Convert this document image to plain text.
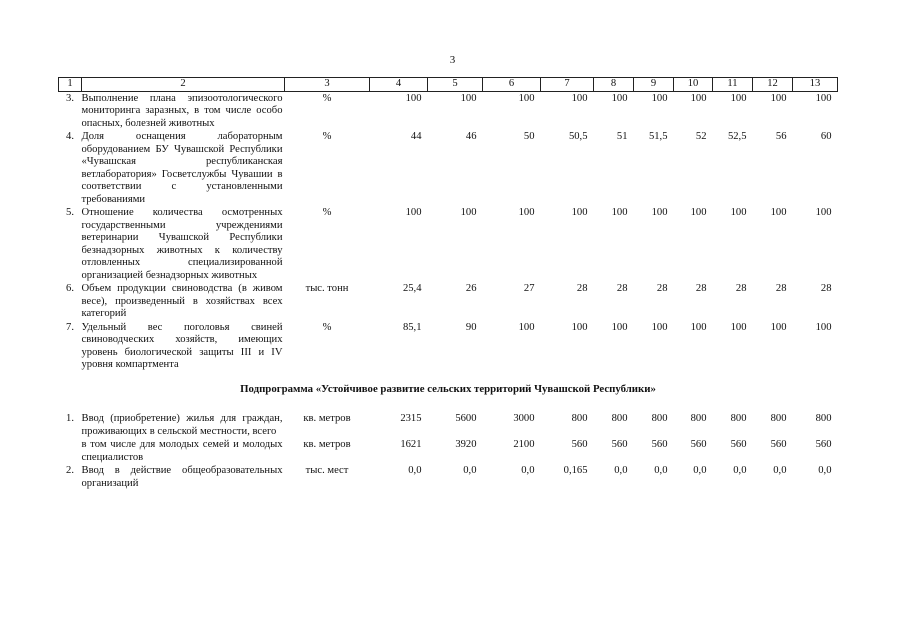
3
1	2	3	4	5	6	7	8	9	10	11	12	13
3.	Выполнение плана эпизоотологического мониторинга заразных, в том числе особо опасных, болезней животных	%	100	100	100	100	100	100	100	100	100	100
4.	Доля оснащения лабораторным оборудованием БУ Чувашской Республики «Чувашская республиканская ветлаборатория» Госветслужбы Чувашии в соответствии с установленными требованиями	%	44	46	50	50,5	51	51,5	52	52,5	56	60
5.	Отношение количества осмотренных государственными учреждениями ветеринарии Чувашской Республики безнадзорных животных к количеству отловленных специализированной организацией безнадзорных животных	%	100	100	100	100	100	100	100	100	100	100
6.	Объем продукции свиноводства (в живом весе), произведенный в хозяйствах всех категорий	тыс. тонн	25,4	26	27	28	28	28	28	28	28	28
7.	Удельный вес поголовья свиней свиноводческих хозяйств, имеющих уровень биологической защиты III и IV уровня компартмента	%	85,1	90	100	100	100	100	100	100	100	100
Подпрограмма «Устойчивое развитие сельских территорий Чувашской Республики»												
1.	Ввод (приобретение) жилья для граждан, проживающих в сельской местности, всего	кв. метров	2315	5600	3000	800	800	800	800	800	800	800
	в том числе для молодых семей и молодых специалистов	кв. метров	1621	3920	2100	560	560	560	560	560	560	560
2.	Ввод в действие общеобразовательных организаций	тыс. мест	0,0	0,0	0,0	0,165	0,0	0,0	0,0	0,0	0,0	0,0
